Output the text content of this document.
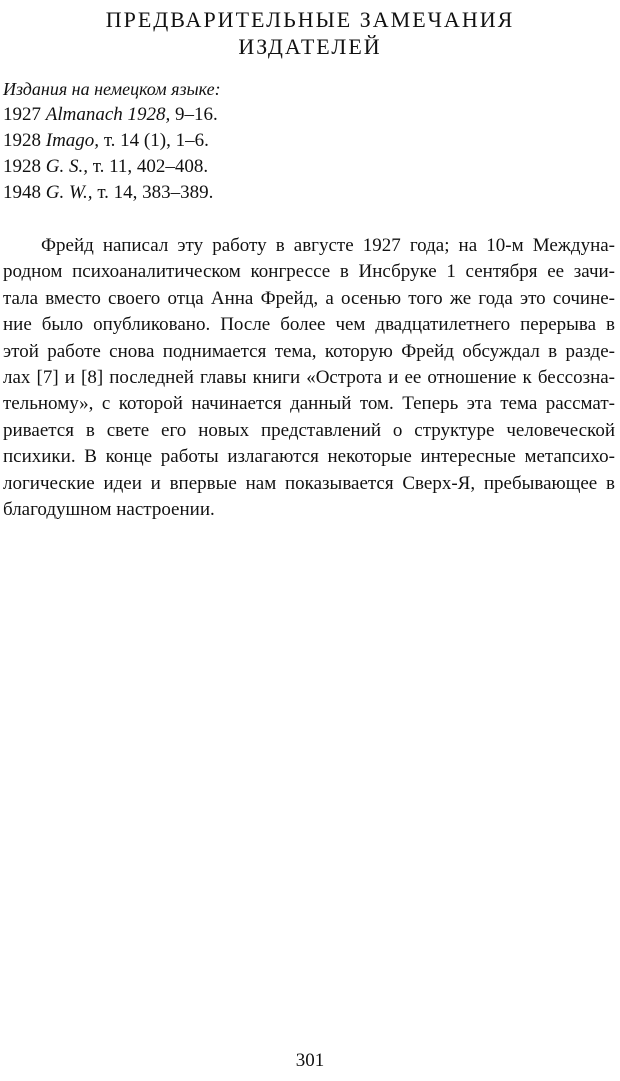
ПРЕДВАРИТЕЛЬНЫЕ ЗАМЕЧАНИЯ
ИЗДАТЕЛЕЙ
Издания на немецком языке:
1927 Almanach 1928, 9–16.
1928 Imago, т. 14 (1), 1–6.
1928 G. S., т. 11, 402–408.
1948 G. W., т. 14, 383–389.
Фрейд написал эту работу в августе 1927 года; на 10-м Междуна-
родном психоаналитическом конгрессе в Инсбруке 1 сентября ее зачи-
тала вместо своего отца Анна Фрейд, а осенью того же года это сочине-
ние было опубликовано. После более чем двадцатилетнего перерыва в
этой работе снова поднимается тема, которую Фрейд обсуждал в разде-
лах [7] и [8] последней главы книги «Острота и ее отношение к бессозна-
тельному», с которой начинается данный том. Теперь эта тема рассмат-
ривается в свете его новых представлений о структуре человеческой
психики. В конце работы излагаются некоторые интересные метапсихо-
логические идеи и впервые нам показывается Сверх-Я, пребывающее в
благодушном настроении.
301
